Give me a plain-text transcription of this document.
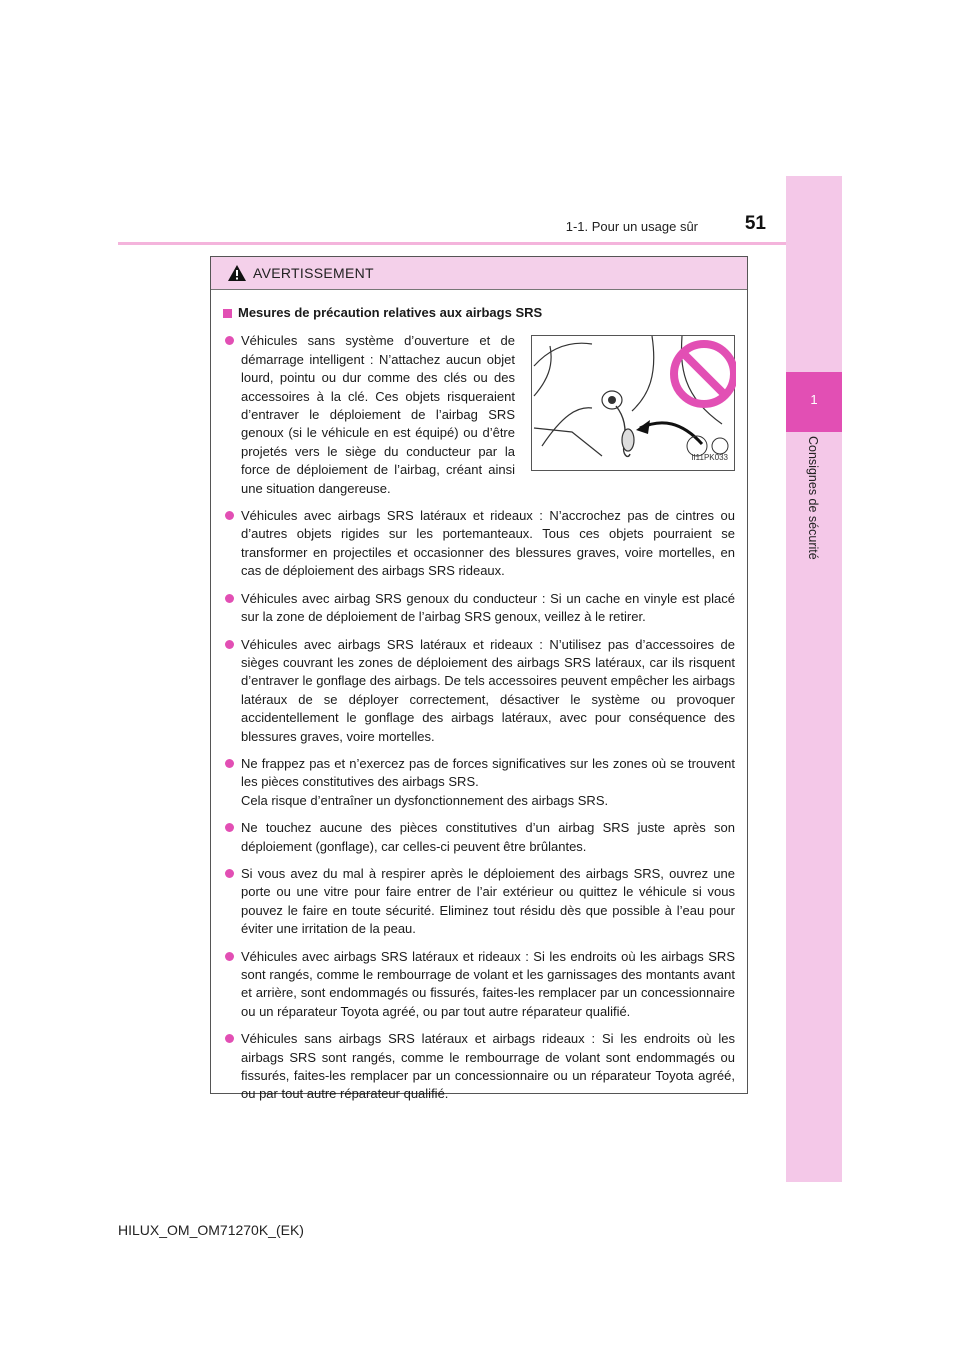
1
Consignes de sécurité
1-1. Pour un usage sûr	51
AVERTISSEMENT
Mesures de précaution relatives aux airbags SRS
Véhicules sans système d’ouverture et de démarrage intelligent : N’attachez aucun objet lourd, pointu ou dur comme des clés ou des accessoires à la clé. Ces objets risqueraient d’entraver le déploiement de l’airbag SRS genoux (si le véhicule en est équipé) ou d’être projetés vers le siège du conducteur par la force de déploiement de l’airbag, créant ainsi une situation dangereuse.
II11PK033
Véhicules avec airbags SRS latéraux et rideaux : N’accrochez pas de cintres ou d’autres objets rigides sur les portemanteaux. Tous ces objets pourraient se transformer en projectiles et occasionner des blessures graves, voire mortelles, en cas de déploiement des airbags SRS rideaux.
Véhicules avec airbag SRS genoux du conducteur : Si un cache en vinyle est placé sur la zone de déploiement de l’airbag SRS genoux, veillez à le retirer.
Véhicules avec airbags SRS latéraux et rideaux : N’utilisez pas d’accessoires de sièges couvrant les zones de déploiement des airbags SRS latéraux, car ils risquent d’entraver le gonflage des airbags. De tels accessoires peuvent empêcher les airbags latéraux de se déployer correctement, désactiver le système ou provoquer accidentellement le gonflage des airbags latéraux, avec pour conséquence des blessures graves, voire mortelles.
Ne frappez pas et n’exercez pas de forces significatives sur les zones où se trouvent les pièces constitutives des airbags SRS.
Cela risque d’entraîner un dysfonctionnement des airbags SRS.
Ne touchez aucune des pièces constitutives d’un airbag SRS juste après son déploiement (gonflage), car celles-ci peuvent être brûlantes.
Si vous avez du mal à respirer après le déploiement des airbags SRS, ouvrez une porte ou une vitre pour faire entrer de l’air extérieur ou quittez le véhicule si vous pouvez le faire en toute sécurité. Eliminez tout résidu dès que possible à l’eau pour éviter une irritation de la peau.
Véhicules avec airbags SRS latéraux et rideaux : Si les endroits où les airbags SRS sont rangés, comme le rembourrage de volant et les garnissages des montants avant et arrière, sont endommagés ou fissurés, faites-les remplacer par un concessionnaire ou un réparateur Toyota agréé, ou par tout autre réparateur qualifié.
Véhicules sans airbags SRS latéraux et airbags rideaux : Si les endroits où les airbags SRS sont rangés, comme le rembourrage de volant sont endommagés ou fissurés, faites-les remplacer par un concessionnaire ou un réparateur Toyota agréé, ou par tout autre réparateur qualifié.
HILUX_OM_OM71270K_(EK)
